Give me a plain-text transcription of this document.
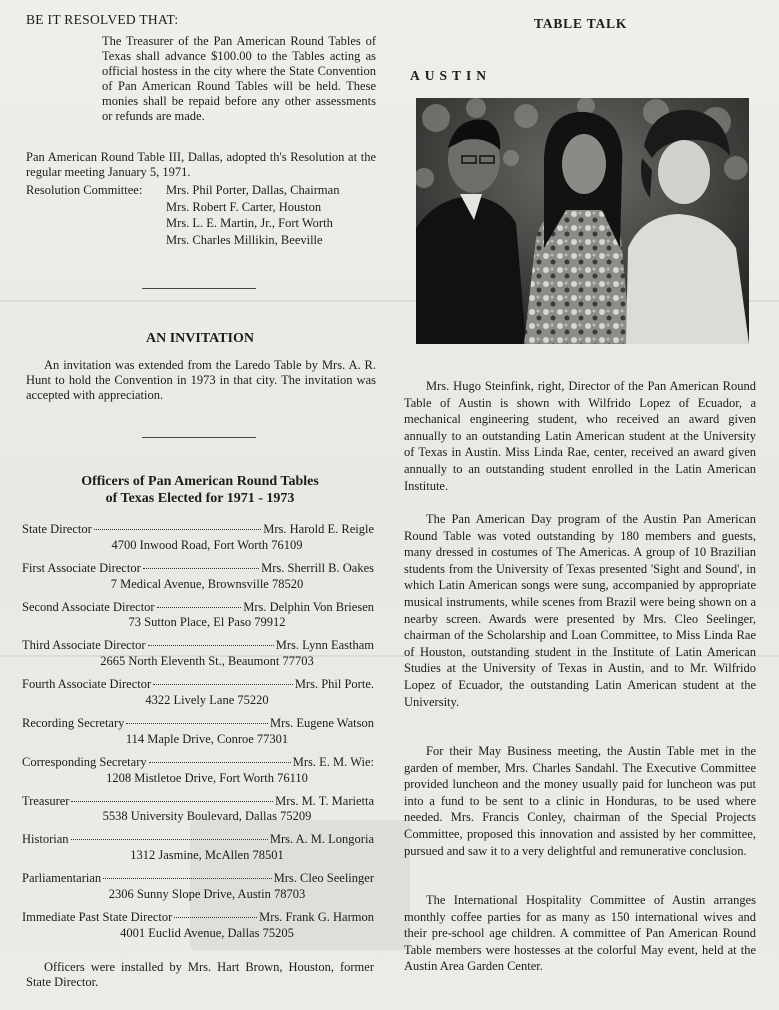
BE IT RESOLVED THAT:

The Treasurer of the Pan American Round Tables of Texas shall advance $100.00 to the Tables acting as official hostess in the city where the State Convention of Pan American Round Tables will be held. These monies shall be repaid before any other assessments or refunds are made.

Pan American Round Table III, Dallas, adopted th's Resolution at the regular meeting January 5, 1971.

Resolution Committee:	Mrs. Phil Porter, Dallas, Chairman
Mrs. Robert F. Carter, Houston
Mrs. L. E. Martin, Jr., Fort Worth
Mrs. Charles Millikin, Beeville
AN INVITATION

An invitation was extended from the Laredo Table by Mrs. A. R. Hunt to hold the Convention in 1973 in that city. The invitation was accepted with appreciation.

Officers of Pan American Round Tables
of Texas Elected for 1971 - 1973
State Director	Mrs. Harold E. Reigle
4700 Inwood Road, Fort Worth 76109
First Associate Director	Mrs. Sherrill B. Oakes
7 Medical Avenue, Brownsville 78520
Second Associate Director	Mrs. Delphin Von Briesen
73 Sutton Place, El Paso 79912
Third Associate Director	Mrs. Lynn Eastham
2665 North Eleventh St., Beaumont 77703
Fourth Associate Director	Mrs. Phil Porte.
4322 Lively Lane 75220
Recording Secretary	Mrs. Eugene Watson
114 Maple Drive, Conroe 77301
Corresponding Secretary	Mrs. E. M. Wie:
1208 Mistletoe Drive, Fort Worth 76110
Treasurer	Mrs. M. T. Marietta
5538 University Boulevard, Dallas 75209
Historian	Mrs. A. M. Longoria
1312 Jasmine, McAllen 78501
Parliamentarian	Mrs. Cleo Seelinger
2306 Sunny Slope Drive, Austin 78703
Immediate Past State Director	Mrs. Frank G. Harmon
4001 Euclid Avenue, Dallas 75205

Officers were installed by Mrs. Hart Brown, Houston, former State Director.

TABLE TALK
AUSTIN

Mrs. Hugo Steinfink, right, Director of the Pan American Round Table of Austin is shown with Wilfrido Lopez of Ecuador, a mechanical engineering student, who received an award given annually to an outstanding Latin American student at the University of Texas in Austin. Miss Linda Rae, center, received an award given annually to an outstanding student enrolled in the Latin American Institute.

The Pan American Day program of the Austin Pan American Round Table was voted outstanding by 180 members and guests, many dressed in costumes of The Americas. A group of 10 Brazilian students from the University of Texas presented 'Sight and Sound', in which Latin American songs were sung, accompanied by appropriate musical instruments, while scenes from Brazil were being shown on a nearby screen. Awards were presented by Mrs. Cleo Seelinger, chairman of the Scholarship and Loan Committee, to Miss Linda Rae of Houston, outstanding student in the Institute of Latin American Studies at the University of Texas in Austin, and to Mr. Wilfrido Lopez of Ecuador, the outstanding Latin American student at the University.

For their May Business meeting, the Austin Table met in the garden of member, Mrs. Charles Sandahl. The Executive Committee provided luncheon and the money usually paid for luncheon was put into a fund to be sent to a clinic in Honduras, to be used where needed. Mrs. Francis Conley, chairman of the Special Projects Committee, proposed this innovation and assisted by her committee, pursued and saw it to a very delightful and remunerative conclusion.

The International Hospitality Committee of Austin arranges monthly coffee parties for as many as 150 international wives and their pre-school age children. A committee of Pan American Round Table members were hostesses at the colorful May event, held at the Austin Area Garden Center.
